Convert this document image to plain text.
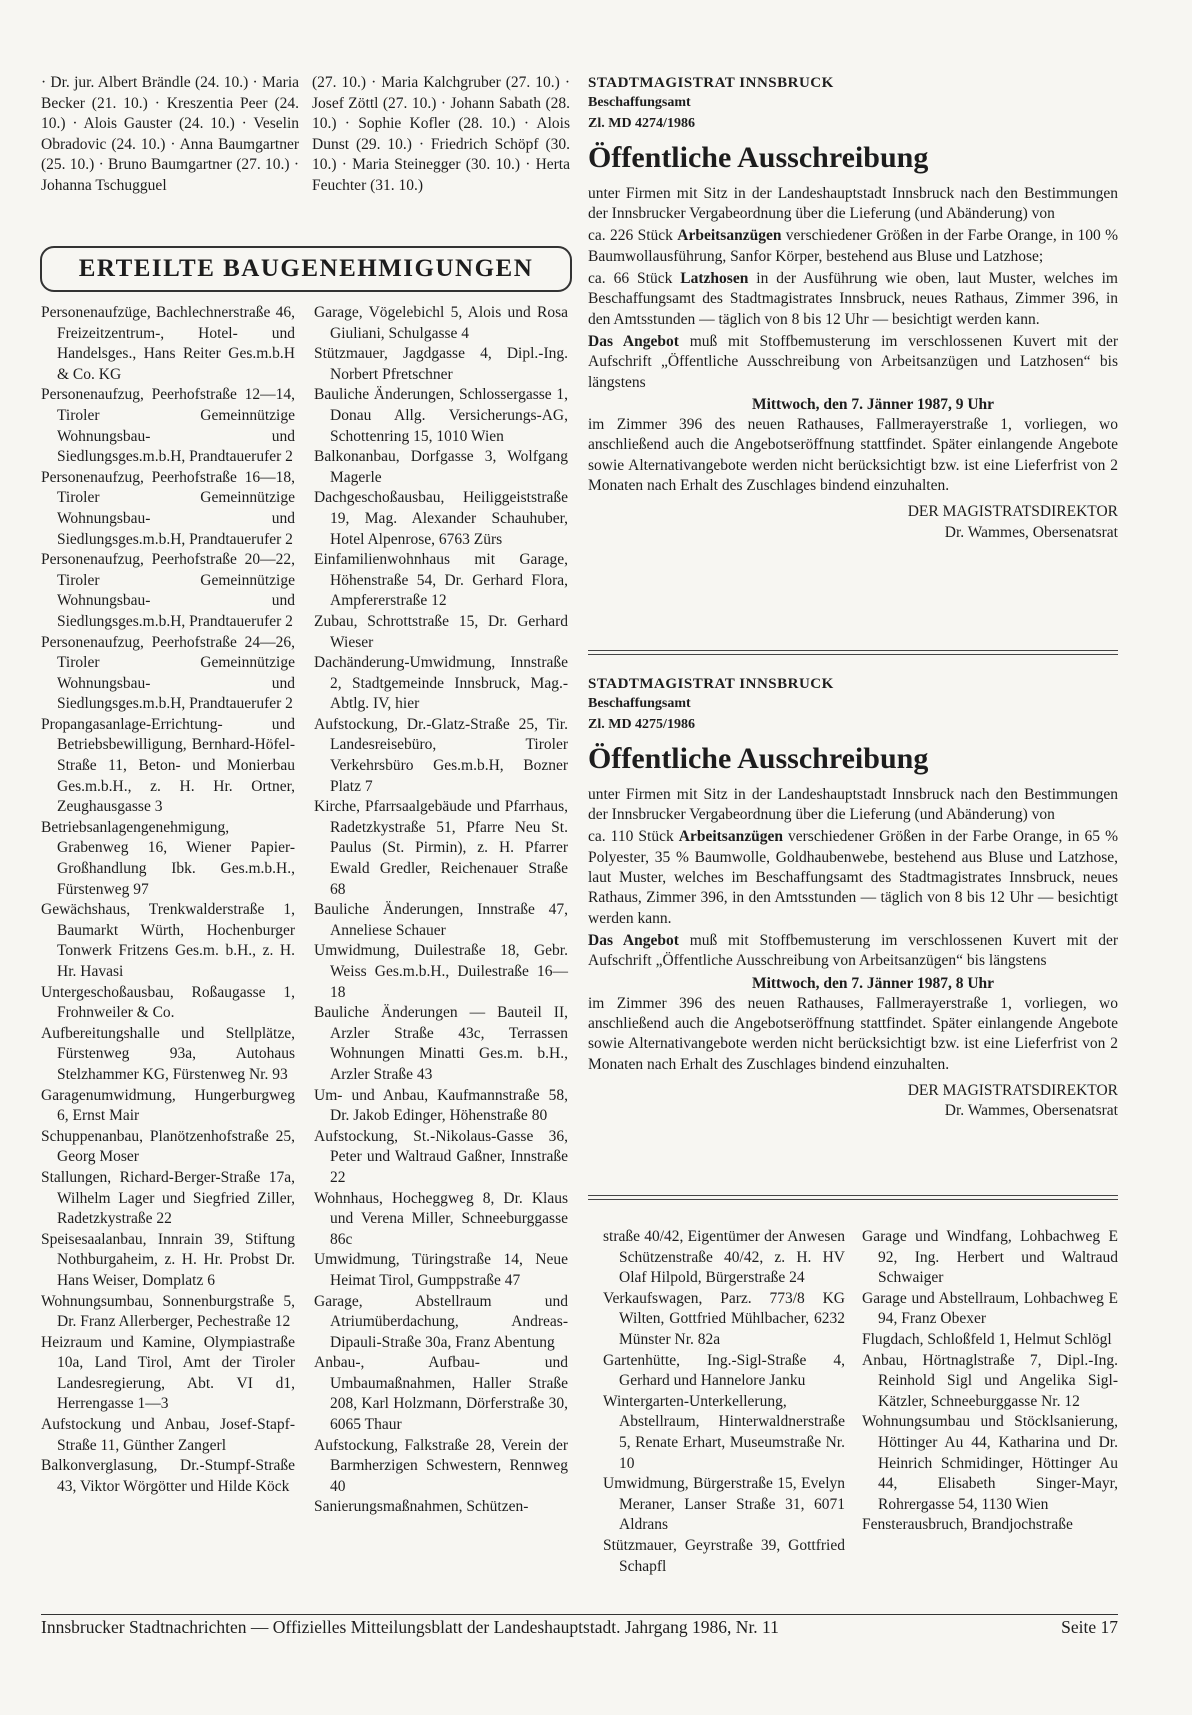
· Dr. jur. Albert Brändle (24. 10.) · Maria Becker (21. 10.) · Kreszentia Peer (24. 10.) · Alois Gauster (24. 10.) · Veselin Obradovic (24. 10.) · Anna Baumgartner (25. 10.) · Bruno Baumgartner (27. 10.) · Johanna Tschugguel

(27. 10.) · Maria Kalchgruber (27. 10.) · Josef Zöttl (27. 10.) · Johann Sabath (28. 10.) · Sophie Kofler (28. 10.) · Alois Dunst (29. 10.) · Friedrich Schöpf (30. 10.) · Maria Steinegger (30. 10.) · Herta Feuchter (31. 10.)

ERTEILTE BAUGENEHMIGUNGEN

Personenaufzüge, Bachlechnerstraße 46, Freizeitzentrum-, Hotel- und Handelsges., Hans Reiter Ges.m.b.H & Co. KG

Personenaufzug, Peerhofstraße 12—14, Tiroler Gemeinnützige Wohnungsbau- und Siedlungsges.m.b.H, Prandtauerufer 2

Personenaufzug, Peerhofstraße 16—18, Tiroler Gemeinnützige Wohnungsbau- und Siedlungsges.m.b.H, Prandtauerufer 2

Personenaufzug, Peerhofstraße 20—22, Tiroler Gemeinnützige Wohnungsbau- und Siedlungsges.m.b.H, Prandtauerufer 2

Personenaufzug, Peerhofstraße 24—26, Tiroler Gemeinnützige Wohnungsbau- und Siedlungsges.m.b.H, Prandtauerufer 2

Propangasanlage-Errichtung- und Betriebsbewilligung, Bernhard-Höfel-Straße 11, Beton- und Monierbau Ges.m.b.H., z. H. Hr. Ortner, Zeughausgasse 3

Betriebsanlagengenehmigung, Grabenweg 16, Wiener Papier-Großhandlung Ibk. Ges.m.b.H., Fürstenweg 97

Gewächshaus, Trenkwalderstraße 1, Baumarkt Würth, Hochenburger Tonwerk Fritzens Ges.m. b.H., z. H. Hr. Havasi

Untergeschoßausbau, Roßaugasse 1, Frohnweiler & Co.

Aufbereitungshalle und Stellplätze, Fürstenweg 93a, Autohaus Stelzhammer KG, Fürstenweg Nr. 93

Garagenumwidmung, Hungerburgweg 6, Ernst Mair

Schuppenanbau, Planötzenhofstraße 25, Georg Moser

Stallungen, Richard-Berger-Straße 17a, Wilhelm Lager und Siegfried Ziller, Radetzkystraße 22

Speisesaalanbau, Innrain 39, Stiftung Nothburgaheim, z. H. Hr. Probst Dr. Hans Weiser, Domplatz 6

Wohnungsumbau, Sonnenburgstraße 5, Dr. Franz Allerberger, Pechestraße 12

Heizraum und Kamine, Olympiastraße 10a, Land Tirol, Amt der Tiroler Landesregierung, Abt. VI d1, Herrengasse 1—3

Aufstockung und Anbau, Josef-Stapf-Straße 11, Günther Zangerl

Balkonverglasung, Dr.-Stumpf-Straße 43, Viktor Wörgötter und Hilde Köck

Garage, Vögelebichl 5, Alois und Rosa Giuliani, Schulgasse 4

Stützmauer, Jagdgasse 4, Dipl.-Ing. Norbert Pfretschner

Bauliche Änderungen, Schlossergasse 1, Donau Allg. Versicherungs-AG, Schottenring 15, 1010 Wien

Balkonanbau, Dorfgasse 3, Wolfgang Magerle

Dachgeschoßausbau, Heiliggeiststraße 19, Mag. Alexander Schauhuber, Hotel Alpenrose, 6763 Zürs

Einfamilienwohnhaus mit Garage, Höhenstraße 54, Dr. Gerhard Flora, Ampfererstraße 12

Zubau, Schrottstraße 15, Dr. Gerhard Wieser

Dachänderung-Umwidmung, Innstraße 2, Stadtgemeinde Innsbruck, Mag.-Abtlg. IV, hier

Aufstockung, Dr.-Glatz-Straße 25, Tir. Landesreisebüro, Tiroler Verkehrsbüro Ges.m.b.H, Bozner Platz 7

Kirche, Pfarrsaalgebäude und Pfarrhaus, Radetzkystraße 51, Pfarre Neu St. Paulus (St. Pirmin), z. H. Pfarrer Ewald Gredler, Reichenauer Straße 68

Bauliche Änderungen, Innstraße 47, Anneliese Schauer

Umwidmung, Duilestraße 18, Gebr. Weiss Ges.m.b.H., Duilestraße 16—18

Bauliche Änderungen — Bauteil II, Arzler Straße 43c, Terrassen Wohnungen Minatti Ges.m. b.H., Arzler Straße 43

Um- und Anbau, Kaufmannstraße 58, Dr. Jakob Edinger, Höhenstraße 80

Aufstockung, St.-Nikolaus-Gasse 36, Peter und Waltraud Gaßner, Innstraße 22

Wohnhaus, Hocheggweg 8, Dr. Klaus und Verena Miller, Schneeburggasse 86c

Umwidmung, Türingstraße 14, Neue Heimat Tirol, Gumppstraße 47

Garage, Abstellraum und Atriumüberdachung, Andreas-Dipauli-Straße 30a, Franz Abentung

Anbau-, Aufbau- und Umbaumaßnahmen, Haller Straße 208, Karl Holzmann, Dörferstraße 30, 6065 Thaur

Aufstockung, Falkstraße 28, Verein der Barmherzigen Schwestern, Rennweg 40

Sanierungsmaßnahmen, Schützen-

STADTMAGISTRAT INNSBRUCK

Beschaffungsamt

Zl. MD 4274/1986

Öffentliche Ausschreibung

unter Firmen mit Sitz in der Landeshauptstadt Innsbruck nach den Bestimmungen der Innsbrucker Vergabeordnung über die Lieferung (und Abänderung) von

ca. 226 Stück Arbeitsanzügen verschiedener Größen in der Farbe Orange, in 100 % Baumwollausführung, Sanfor Körper, bestehend aus Bluse und Latzhose;

ca. 66 Stück Latzhosen in der Ausführung wie oben, laut Muster, welches im Beschaffungsamt des Stadtmagistrates Innsbruck, neues Rathaus, Zimmer 396, in den Amtsstunden — täglich von 8 bis 12 Uhr — besichtigt werden kann.

Das Angebot muß mit Stoffbemusterung im verschlossenen Kuvert mit der Aufschrift „Öffentliche Ausschreibung von Arbeitsanzügen und Latzhosen“ bis längstens

Mittwoch, den 7. Jänner 1987, 9 Uhr

im Zimmer 396 des neuen Rathauses, Fallmerayerstraße 1, vorliegen, wo anschließend auch die Angebotseröffnung stattfindet. Später einlangende Angebote sowie Alternativangebote werden nicht berücksichtigt bzw. ist eine Lieferfrist von 2 Monaten nach Erhalt des Zuschlages bindend einzuhalten.

DER MAGISTRATSDIREKTOR

Dr. Wammes, Obersenatsrat

STADTMAGISTRAT INNSBRUCK

Beschaffungsamt

Zl. MD 4275/1986

Öffentliche Ausschreibung

unter Firmen mit Sitz in der Landeshauptstadt Innsbruck nach den Bestimmungen der Innsbrucker Vergabeordnung über die Lieferung (und Abänderung) von

ca. 110 Stück Arbeitsanzügen verschiedener Größen in der Farbe Orange, in 65 % Polyester, 35 % Baumwolle, Goldhaubenwebe, bestehend aus Bluse und Latzhose, laut Muster, welches im Beschaffungsamt des Stadtmagistrates Innsbruck, neues Rathaus, Zimmer 396, in den Amtsstunden — täglich von 8 bis 12 Uhr — besichtigt werden kann.

Das Angebot muß mit Stoffbemusterung im verschlossenen Kuvert mit der Aufschrift „Öffentliche Ausschreibung von Arbeitsanzügen“ bis längstens

Mittwoch, den 7. Jänner 1987, 8 Uhr

im Zimmer 396 des neuen Rathauses, Fallmerayerstraße 1, vorliegen, wo anschließend auch die Angebotseröffnung stattfindet. Später einlangende Angebote sowie Alternativangebote werden nicht berücksichtigt bzw. ist eine Lieferfrist von 2 Monaten nach Erhalt des Zuschlages bindend einzuhalten.

DER MAGISTRATSDIREKTOR

Dr. Wammes, Obersenatsrat

straße 40/42, Eigentümer der Anwesen Schützenstraße 40/42, z. H. HV Olaf Hilpold, Bürgerstraße 24

Verkaufswagen, Parz. 773/8 KG Wilten, Gottfried Mühlbacher, 6232 Münster Nr. 82a

Gartenhütte, Ing.-Sigl-Straße 4, Gerhard und Hannelore Janku

Wintergarten-Unterkellerung, Abstellraum, Hinterwaldnerstraße 5, Renate Erhart, Museumstraße Nr. 10

Umwidmung, Bürgerstraße 15, Evelyn Meraner, Lanser Straße 31, 6071 Aldrans

Stützmauer, Geyrstraße 39, Gottfried Schapfl

Garage und Windfang, Lohbachweg E 92, Ing. Herbert und Waltraud Schwaiger

Garage und Abstellraum, Lohbachweg E 94, Franz Obexer

Flugdach, Schloßfeld 1, Helmut Schlögl

Anbau, Hörtnaglstraße 7, Dipl.-Ing. Reinhold Sigl und Angelika Sigl-Kätzler, Schneeburggasse Nr. 12

Wohnungsumbau und Stöcklsanierung, Höttinger Au 44, Katharina und Dr. Heinrich Schmidinger, Höttinger Au 44, Elisabeth Singer-Mayr, Rohrergasse 54, 1130 Wien

Fensterausbruch, Brandjochstraße

Innsbrucker Stadtnachrichten — Offizielles Mitteilungsblatt der Landeshauptstadt. Jahrgang 1986, Nr. 11	Seite 17
